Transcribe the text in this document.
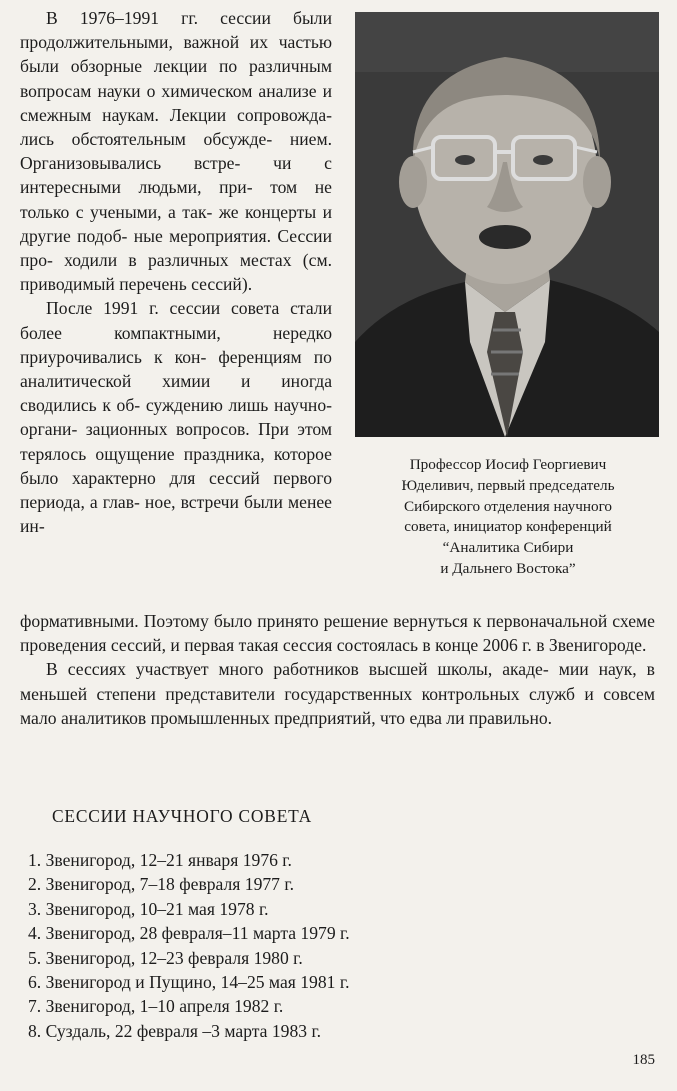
В 1976–1991 гг. сессии были продолжительными, важной их частью были обзорные лекции по различным вопросам науки о химическом анализе и смежным наукам. Лекции сопровожда- лись обстоятельным обсужде- нием. Организовывались встре- чи с интересными людьми, при- том не только с учеными, а так- же концерты и другие подоб- ные мероприятия. Сессии про- ходили в различных местах (см. приводимый перечень сессий).

После 1991 г. сессии совета стали более компактными,	нередко приурочивались к кон- ференциям по аналитической химии и иногда сводились к об- суждению лишь научно-органи- зационных вопросов. При этом терялось ощущение праздника, которое было характерно для сессий первого периода, а глав- ное, встречи были менее ин-

Профессор Иосиф Георгиевич
Юделивич, первый председатель
Сибирского отделения научного
совета, инициатор конференций
“Аналитика Сибири
и Дальнего Востока”

формативными. Поэтому было принято решение вернуться к первоначальной схеме проведения сессий, и первая такая сессия состоялась в конце 2006 г. в Звенигороде.

В сессиях участвует много работников высшей школы, акаде- мии наук, в меньшей степени представители государственных контрольных служб и совсем мало аналитиков промышленных предприятий, что едва ли правильно.

СЕССИИ НАУЧНОГО СОВЕТА
1. Звенигород, 12–21 января 1976 г.
2. Звенигород, 7–18 февраля 1977 г.
3. Звенигород, 10–21 мая 1978 г.
4. Звенигород, 28 февраля–11 марта 1979 г.
5. Звенигород, 12–23 февраля 1980 г.
6. Звенигород и Пущино, 14–25 мая 1981 г.
7. Звенигород, 1–10 апреля 1982 г.
8. Суздаль, 22 февраля –3 марта 1983 г.
185
